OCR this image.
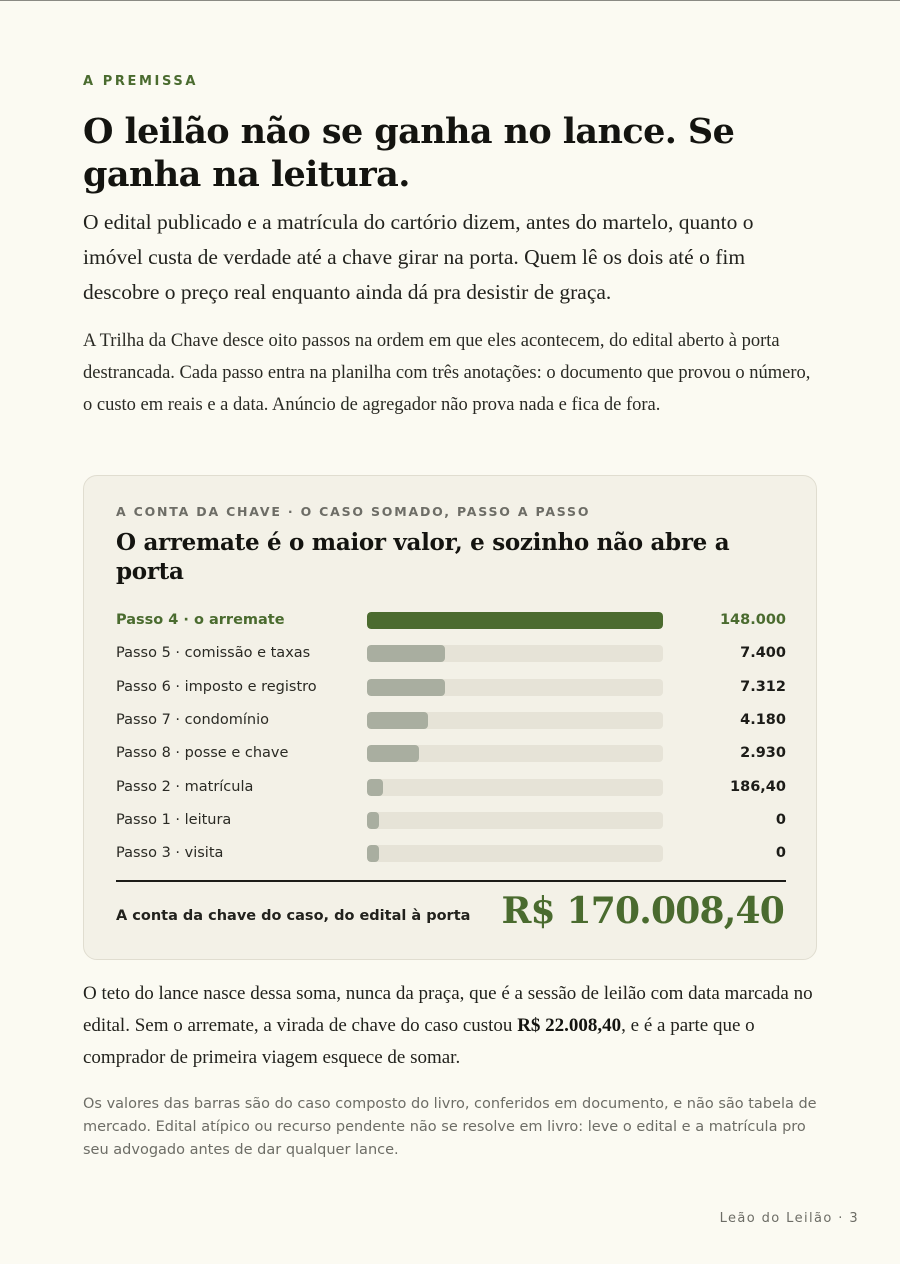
A PREMISSA
O leilão não se ganha no lance. Se ganha na leitura.

O edital publicado e a matrícula do cartório dizem, antes do martelo, quanto o imóvel custa de verdade até a chave girar na porta. Quem lê os dois até o fim descobre o preço real enquanto ainda dá pra desistir de graça.

A Trilha da Chave desce oito passos na ordem em que eles acontecem, do edital aberto à porta destrancada. Cada passo entra na planilha com três anotações: o documento que provou o número, o custo em reais e a data. Anúncio de agregador não prova nada e fica de fora.

A CONTA DA CHAVE · O CASO SOMADO, PASSO A PASSO
O arremate é o maior valor, e sozinho não abre a porta
Passo 4 · o arremate	148.000
Passo 5 · comissão e taxas	7.400
Passo 6 · imposto e registro	7.312
Passo 7 · condomínio	4.180
Passo 8 · posse e chave	2.930
Passo 2 · matrícula	186,40
Passo 1 · leitura	0
Passo 3 · visita	0
A conta da chave do caso, do edital à porta R$ 170.008,40

O teto do lance nasce dessa soma, nunca da praça, que é a sessão de leilão com data marcada no edital. Sem o arremate, a virada de chave do caso custou R$ 22.008,40, e é a parte que o comprador de primeira viagem esquece de somar.

Os valores das barras são do caso composto do livro, conferidos em documento, e não são tabela de mercado. Edital atípico ou recurso pendente não se resolve em livro: leve o edital e a matrícula pro seu advogado antes de dar qualquer lance.

Leão do Leilão · 3
